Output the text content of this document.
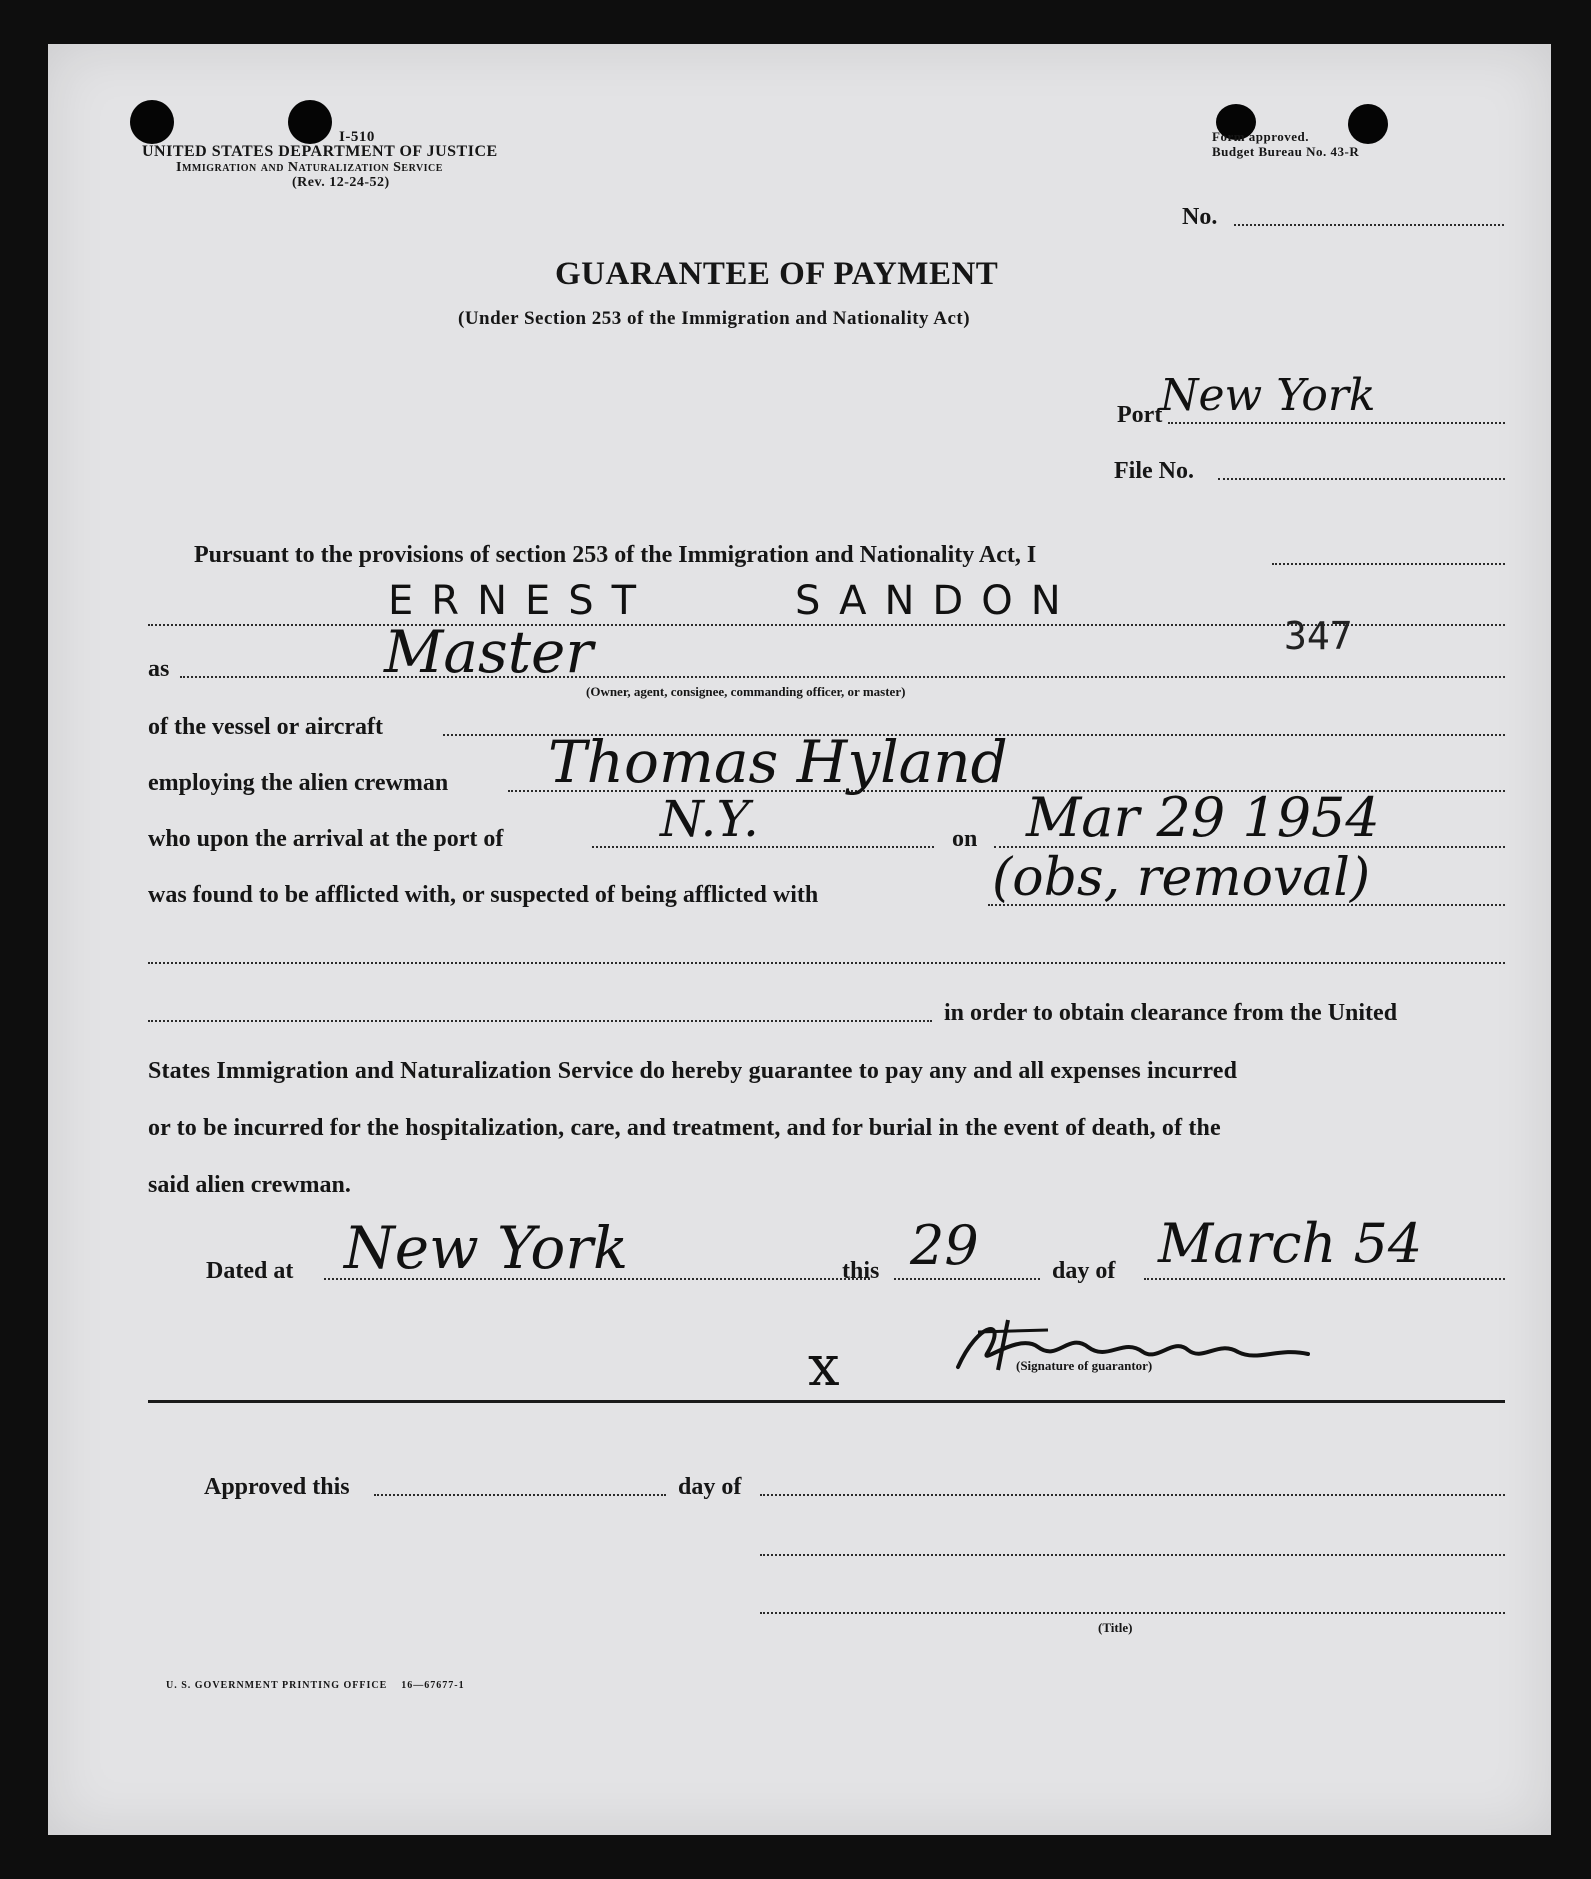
I-510
UNITED STATES DEPARTMENT OF JUSTICE
Immigration and Naturalization Service
(Rev. 12-24-52)
Form approved.
Budget Bureau No. 43-R
No.
GUARANTEE OF PAYMENT
(Under Section 253 of the Immigration and Nationality Act)
Port
New York
File No.
Pursuant to the provisions of section 253 of the Immigration and Nationality Act, I
ERNEST	SANDON
347
as	Master
(Owner, agent, consignee, commanding officer, or master)
of the vessel or aircraft
employing the alien crewman Thomas Hyland
who upon the arrival at the port of	N.Y.	on Mar 29 1954
was found to be afflicted with, or suspected of being afflicted with	(obs, removal)
in order to obtain clearance from the United
States Immigration and Naturalization Service do hereby guarantee to pay any and all expenses incurred
or to be incurred for the hospitalization, care, and treatment, and for burial in the event of death, of the
said alien crewman.
Dated at New York	this 29	day of March 54
x	(Signature of guarantor)
Approved this	day of
(Title)
U. S. GOVERNMENT PRINTING OFFICE    16—67677-1
